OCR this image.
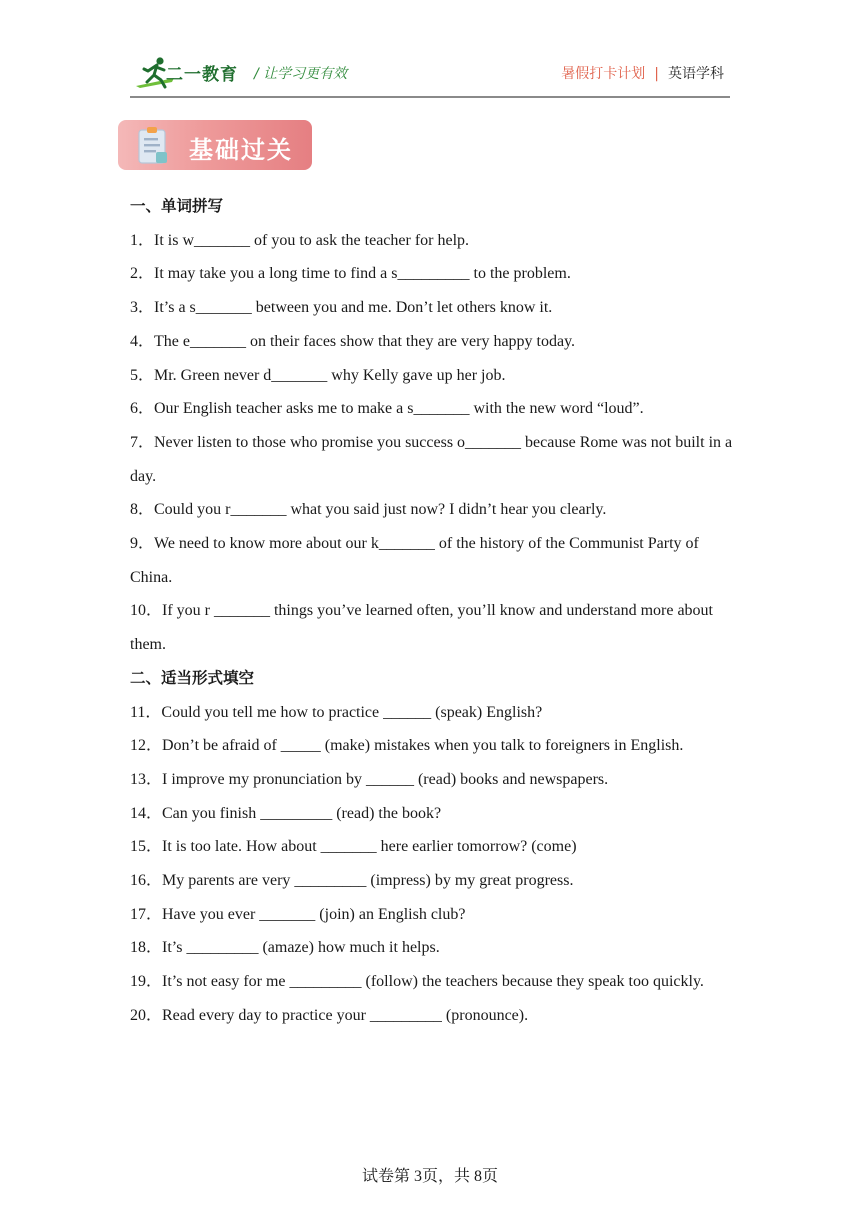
二一教育 / 让学习更有效	暑假打卡计划 | 英语学科
基础过关
一、单词拼写
1．It is w_______ of you to ask the teacher for help.
2．It may take you a long time to find a s_________ to the problem.
3．It’s a s_______ between you and me. Don’t let others know it.
4．The e_______ on their faces show that they are very happy today.
5．Mr. Green never d_______ why Kelly gave up her job.
6．Our English teacher asks me to make a s_______ with the new word “loud”.
7．Never listen to those who promise you success o_______ because Rome was not built in a day.
8．Could you r_______ what you said just now? I didn’t hear you clearly.
9．We need to know more about our k_______ of the history of the Communist Party of China.
10．If you r _______ things you’ve learned often, you’ll know and understand more about them.
二、适当形式填空
11．Could you tell me how to practice ______ (speak) English?
12．Don’t be afraid of _____ (make) mistakes when you talk to foreigners in English.
13．I improve my pronunciation by ______ (read) books and newspapers.
14．Can you finish _________ (read) the book?
15．It is too late. How about _______ here earlier tomorrow? (come)
16．My parents are very _________ (impress) by my great progress.
17．Have you ever _______ (join) an English club?
18．It’s _________ (amaze) how much it helps.
19．It’s not easy for me _________ (follow) the teachers because they speak too quickly.
20．Read every day to practice your _________ (pronounce).
试卷第 3页，共 8页
